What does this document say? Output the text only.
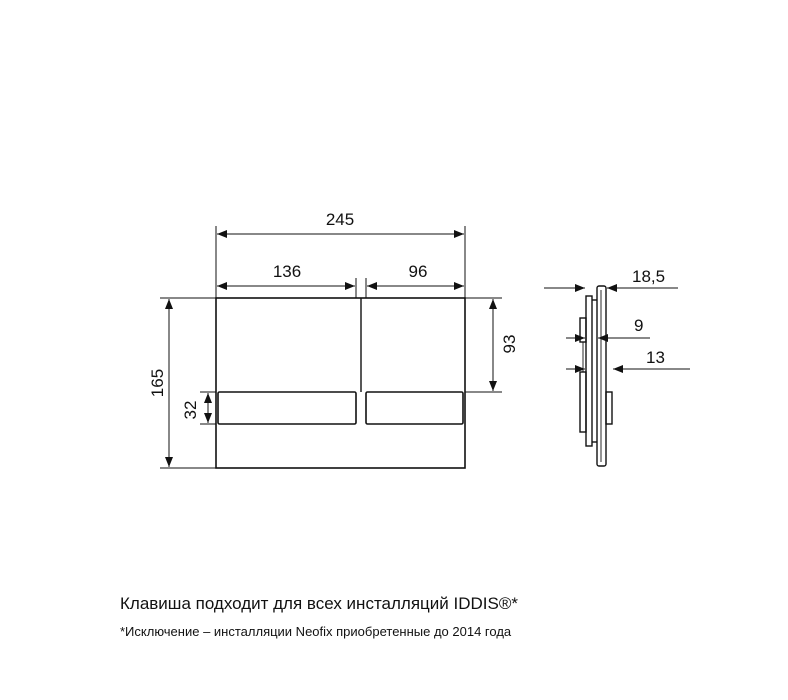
245
136	96
165
32
93
18,5
9
13
Клавиша подходит для всех инсталляций IDDIS®*
*Исключение – инсталляции Neofix приобретенные до 2014 года
